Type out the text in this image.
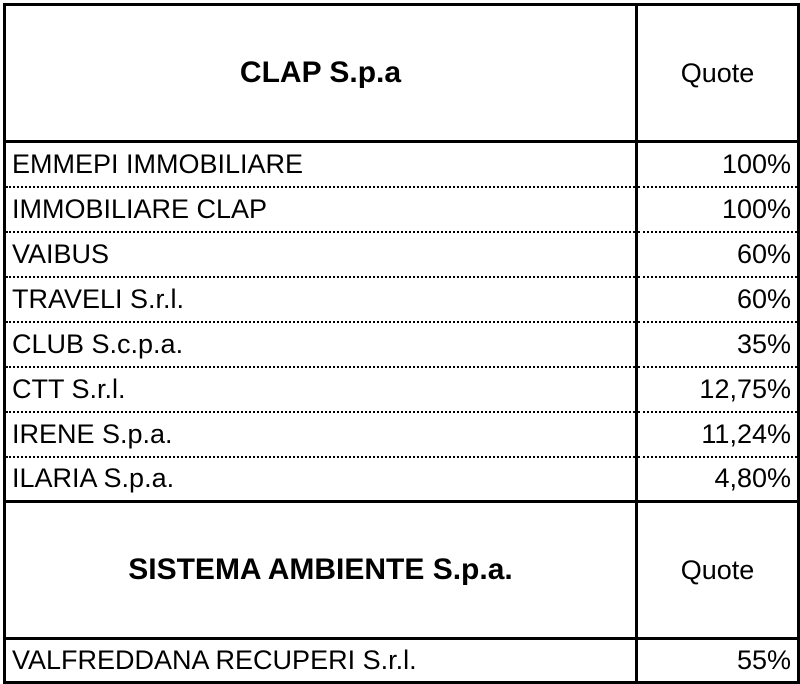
CLAP S.p.a	Quote
EMMEPI IMMOBILIARE	100%
IMMOBILIARE CLAP	100%
VAIBUS	60%
TRAVELI S.r.l.	60%
CLUB S.c.p.a.	35%
CTT S.r.l.	12,75%
IRENE S.p.a.	11,24%
ILARIA S.p.a.	4,80%
SISTEMA AMBIENTE S.p.a.	Quote
VALFREDDANA RECUPERI S.r.l.	55%
